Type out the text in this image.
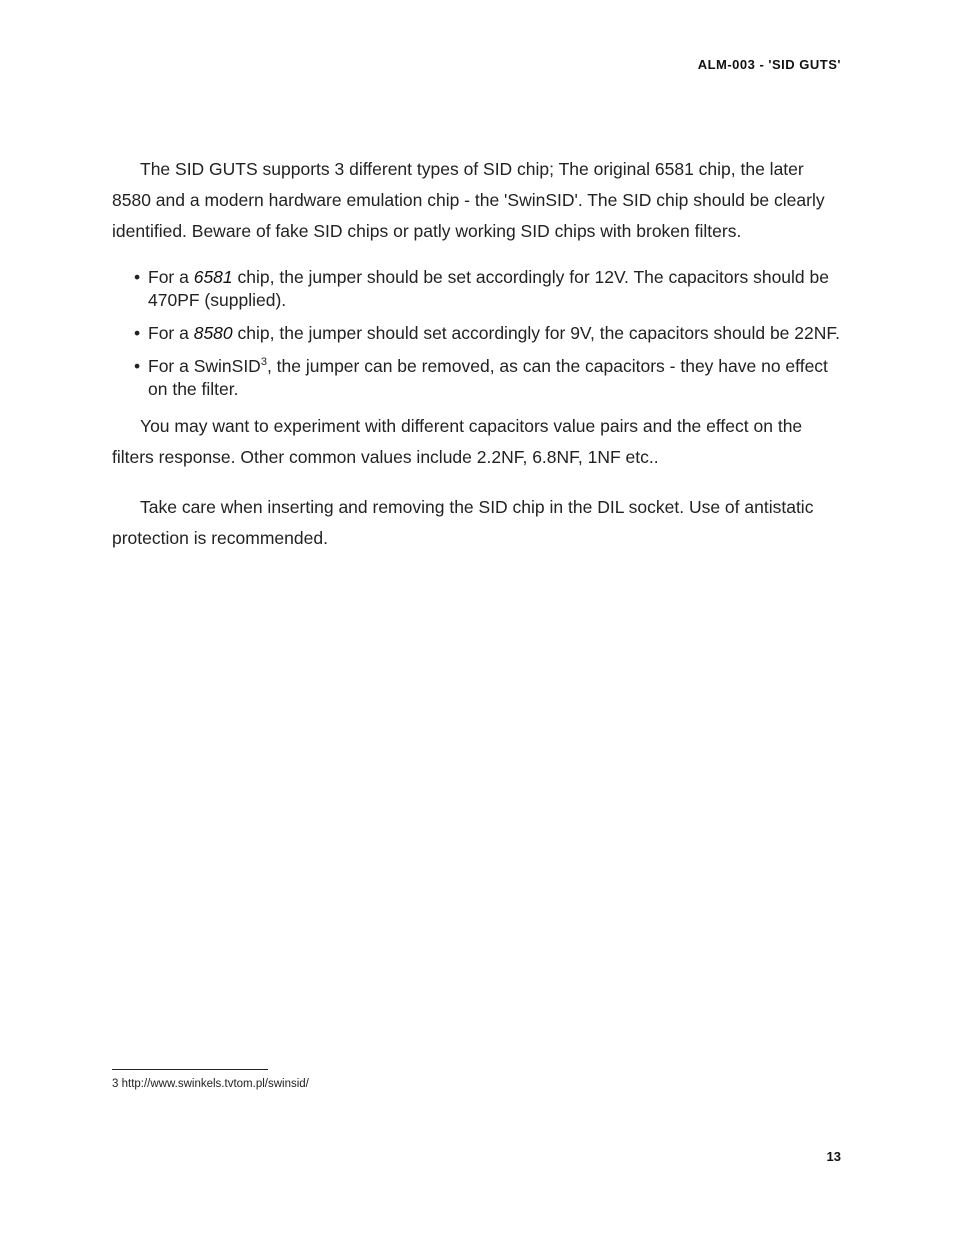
ALM-003 - 'SID GUTS'

The SID GUTS supports 3 different types of SID chip; The original 6581 chip, the later 8580 and a modern hardware emulation chip - the 'SwinSID'. The SID chip should be clearly identified. Beware of fake SID chips or patly working SID chips with broken filters.

• For a 6581 chip, the jumper should be set accordingly for 12V. The capacitors should be 470PF (supplied).
• For a 8580 chip, the jumper should set accordingly for 9V, the capacitors should be 22NF.
• For a SwinSID$^3$, the jumper can be removed, as can the capacitors - they have no effect on the filter.

You may want to experiment with different capacitors value pairs and the effect on the filters response. Other common values include 2.2NF, 6.8NF, 1NF etc..

Take care when inserting and removing the SID chip in the DIL socket. Use of antistatic protection is recommended.

3 http://www.swinkels.tvtom.pl/swinsid/
13
